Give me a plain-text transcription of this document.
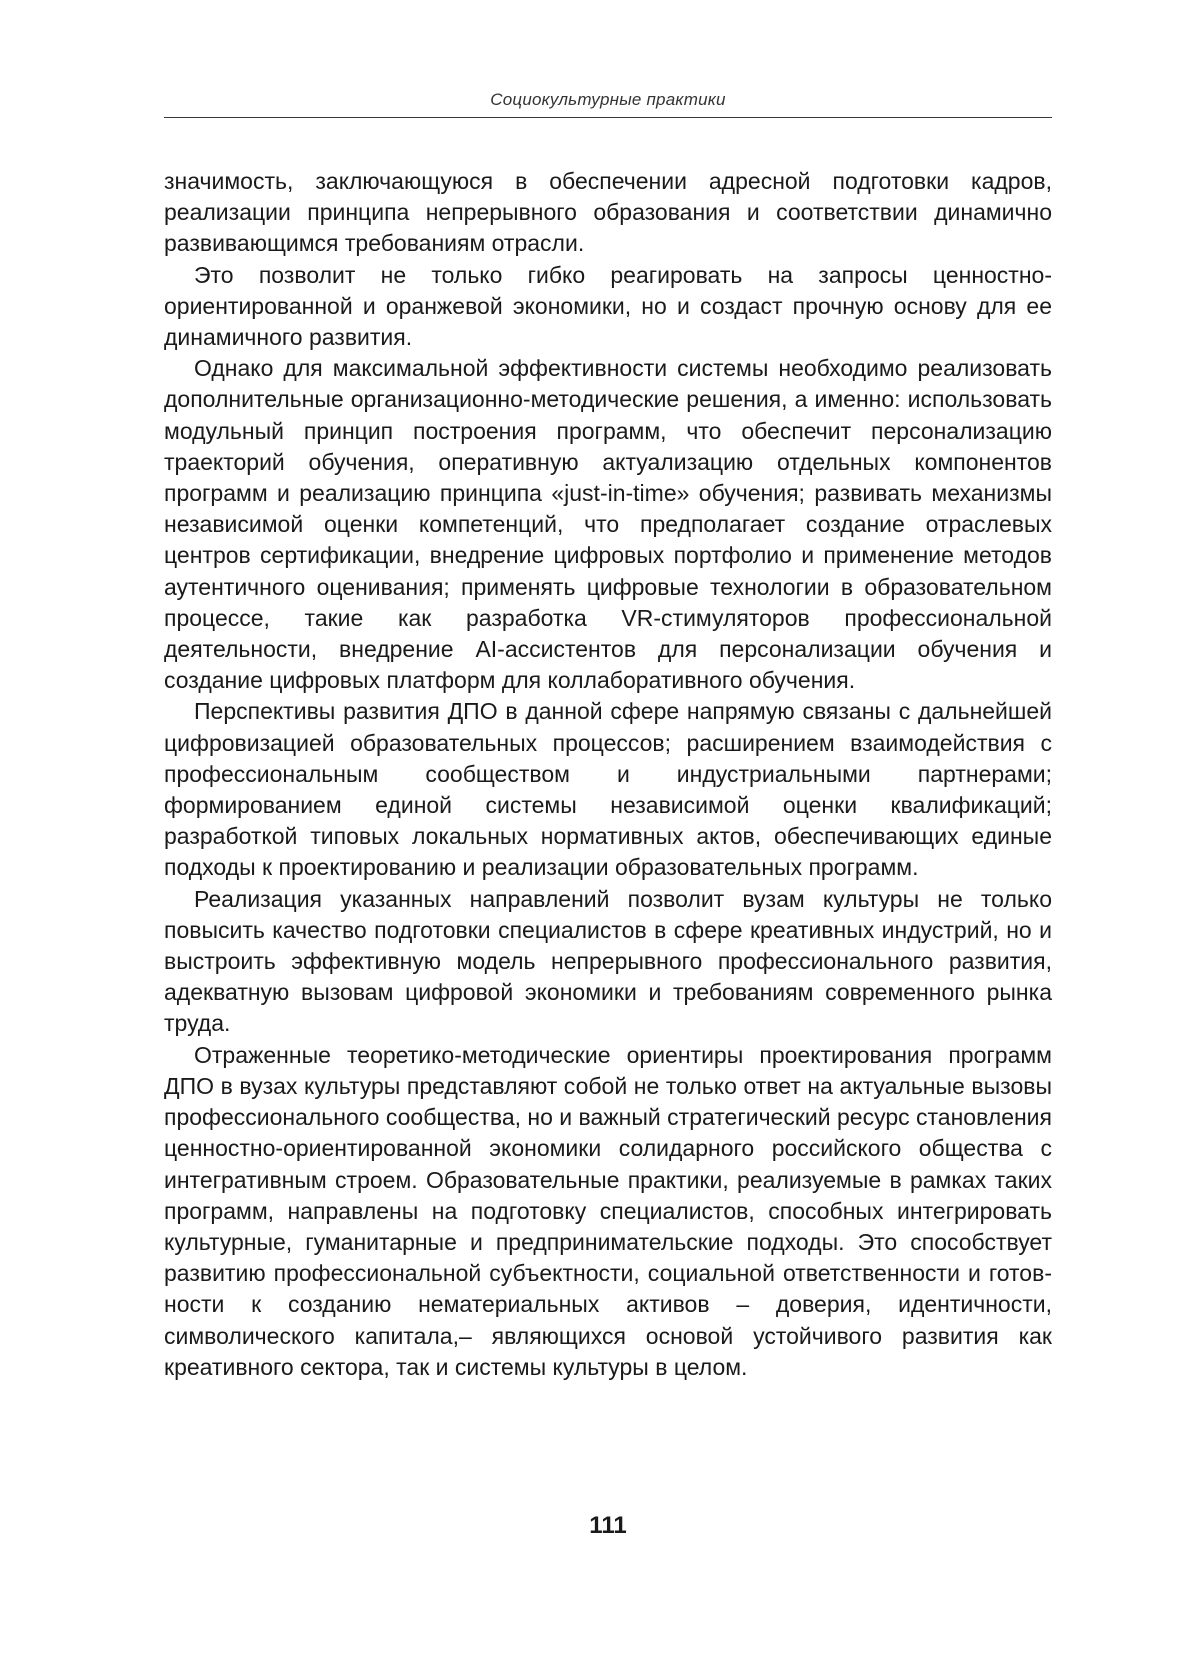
Социокультурные практики

значимость, заключающуюся в обеспечении адресной подготовки кадров, реализации принципа непрерывного образования и соответствии динамично развивающимся требованиям отрасли.

Это позволит не только гибко реагировать на запросы ценностно-ориентированной и оранжевой экономики, но и создаст прочную основу для ее динамичного развития.

Однако для максимальной эффективности системы необходимо реализовать дополнительные организационно-методические решения, а именно: использовать модульный принцип построения программ, что обеспечит персонализацию траекторий обучения, оперативную актуализацию отдельных компонентов программ и реализацию принципа «just-in-time» обучения; развивать механизмы независимой оценки компетенций, что предполагает создание отраслевых центров сертификации, внедрение цифровых портфолио и применение методов аутентичного оценивания; применять цифровые технологии в образовательном процессе, такие как разработка VR-стимуляторов профессиональной деятельности, внедрение AI-ассистентов для персонализации обучения и создание цифровых платформ для коллаборативного обучения.

Перспективы развития ДПО в данной сфере напрямую связаны с дальнейшей цифровизацией образовательных процессов; расширением взаимодействия с профессиональным сообществом и индустриальными партнерами; формированием единой системы независимой оценки квалификаций; разработкой типовых локальных нормативных актов, обеспечивающих единые подходы к проектированию и реализации образовательных программ.

Реализация указанных направлений позволит вузам культуры не только повысить качество подготовки специалистов в сфере креативных индустрий, но и выстроить эффективную модель непрерывного профессионального развития, адекватную вызовам цифровой экономики и требованиям современного рынка труда.

Отраженные теоретико-методические ориентиры проектирования программ ДПО в вузах культуры представляют собой не только ответ на актуальные вызовы профессионального сообщества, но и важный стратегический ресурс становления ценностно-ориентированной экономики солидарного российского общества с интегративным строем. Образовательные практики, реализуемые в рамках таких программ, направлены на подготовку специалистов, способных интегрировать культурные, гуманитарные и предпринимательские подходы. Это способствует развитию профессиональной субъектности, социальной ответственности и готовности к созданию нематериальных активов – доверия, идентичности, символического капитала,– являющихся основой устойчивого развития как креативного сектора, так и системы культуры в целом.

111
